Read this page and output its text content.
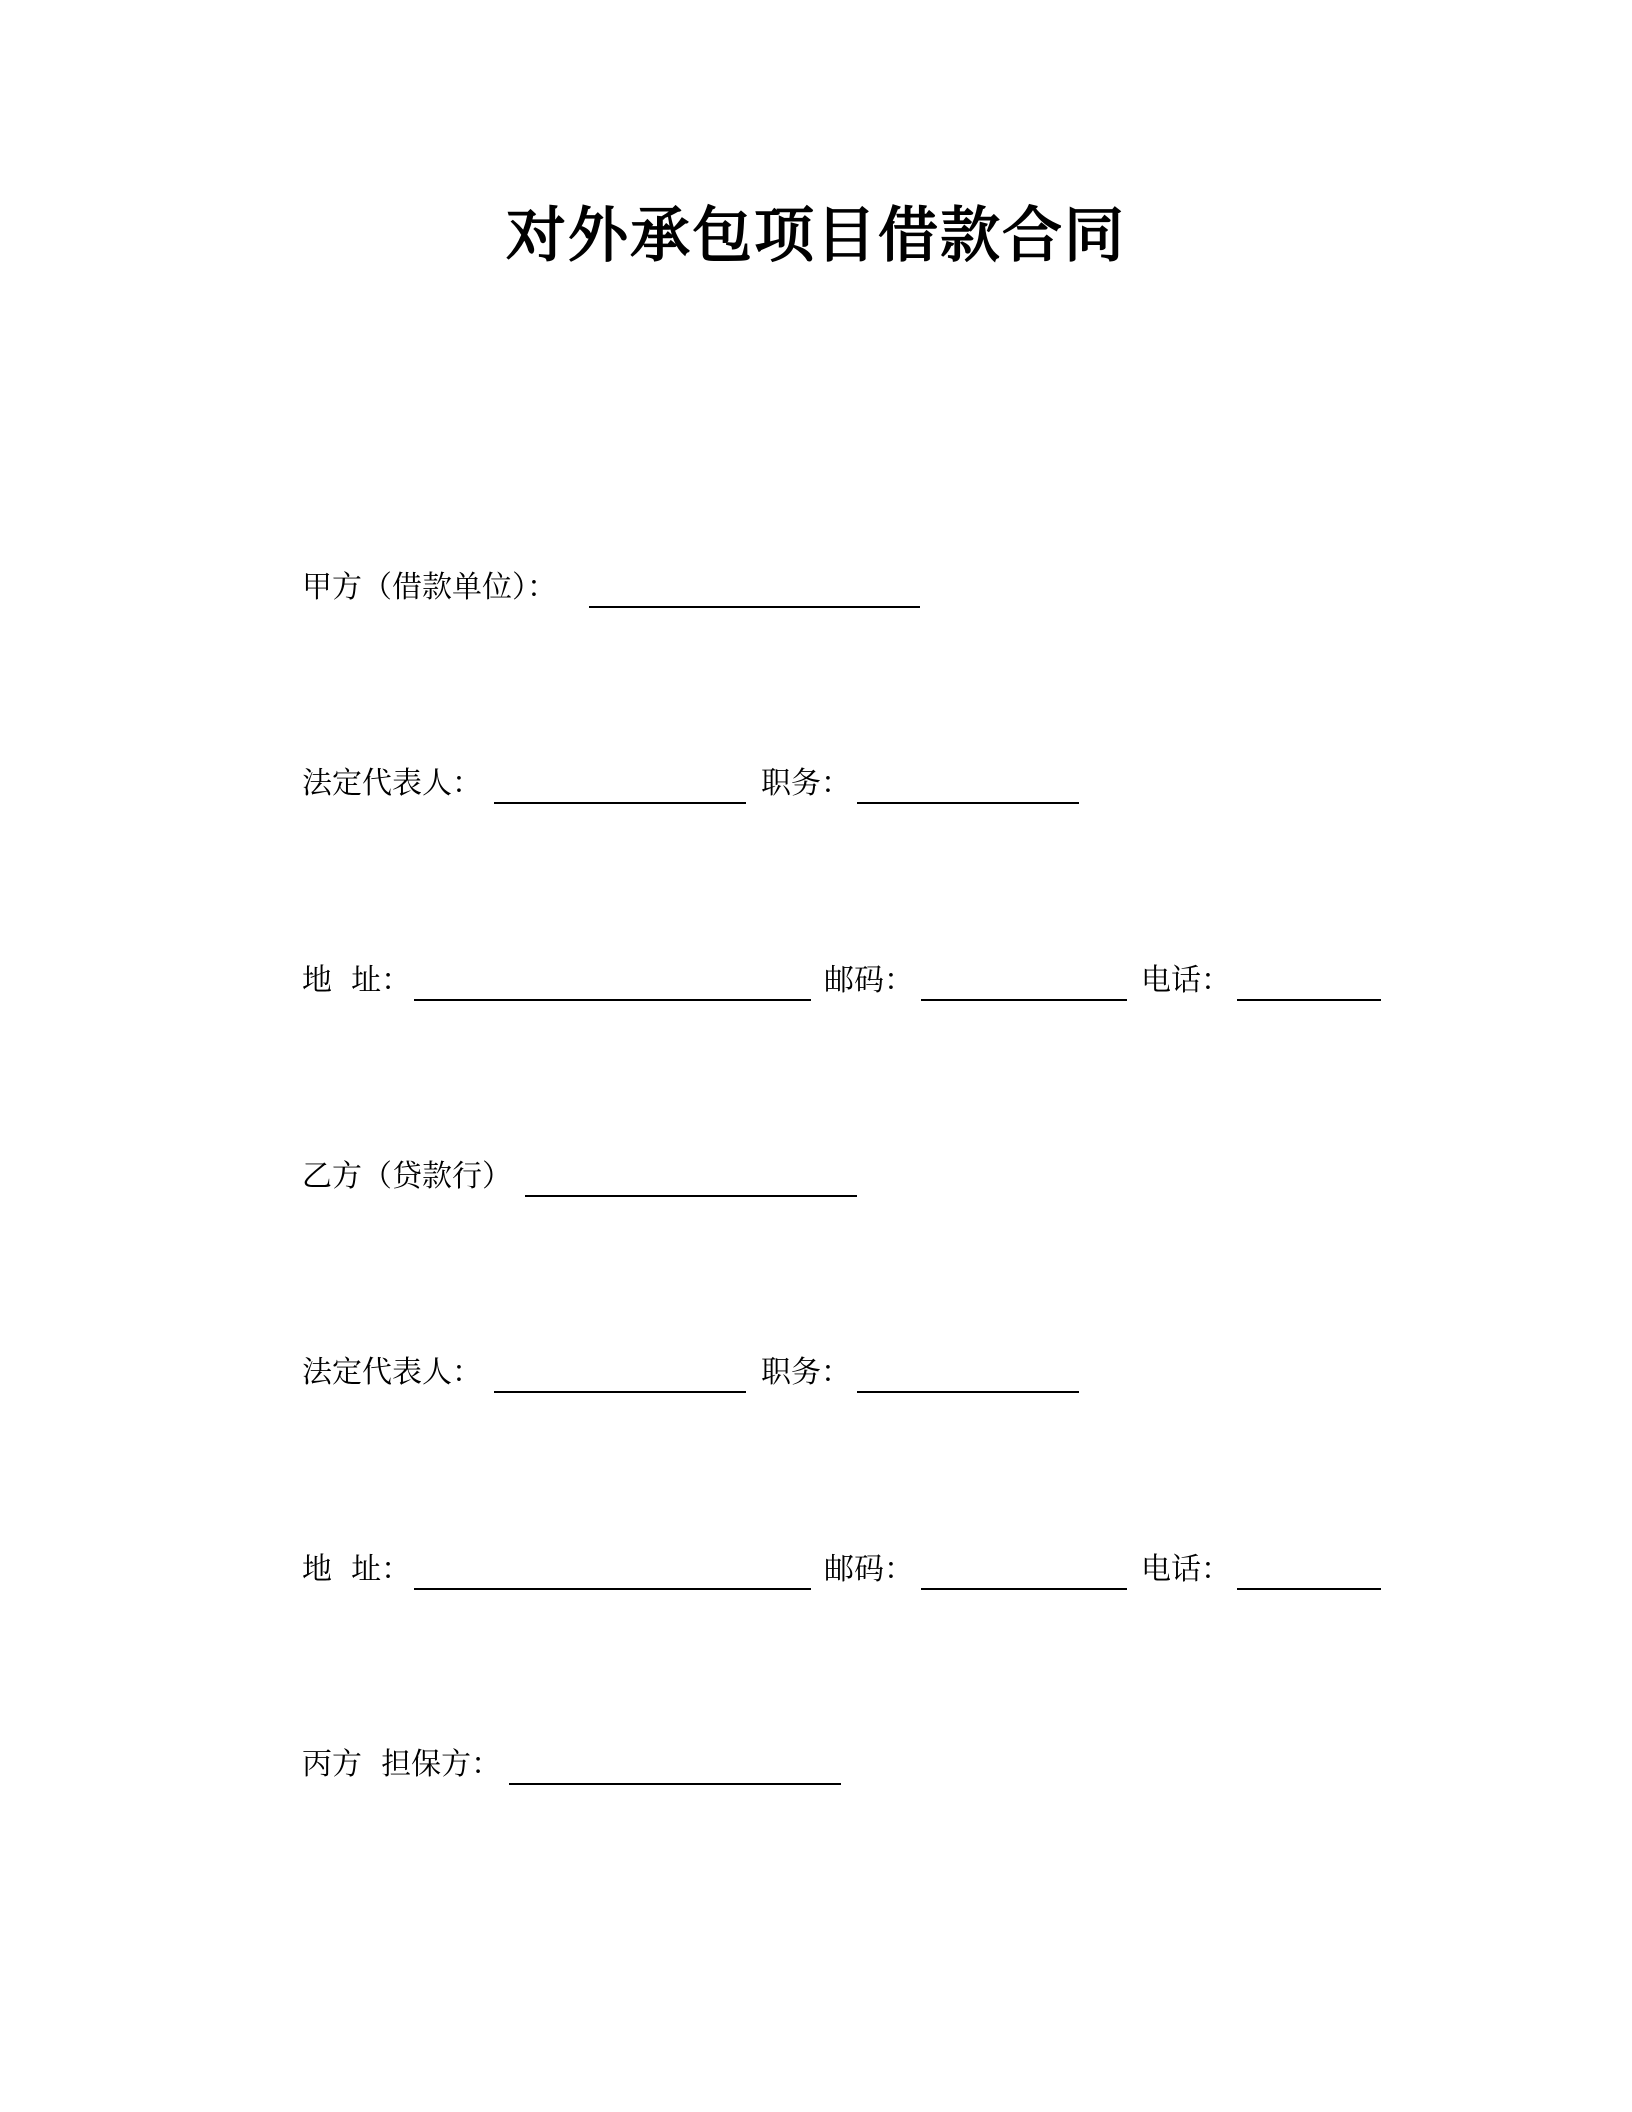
对外承包项目借款合同
甲方（借款单位）：
法定代表人：	职务：
地  址：	邮码：	电话：
乙方（贷款行）
法定代表人：	职务：
地  址：	邮码：	电话：
丙方  担保方：
